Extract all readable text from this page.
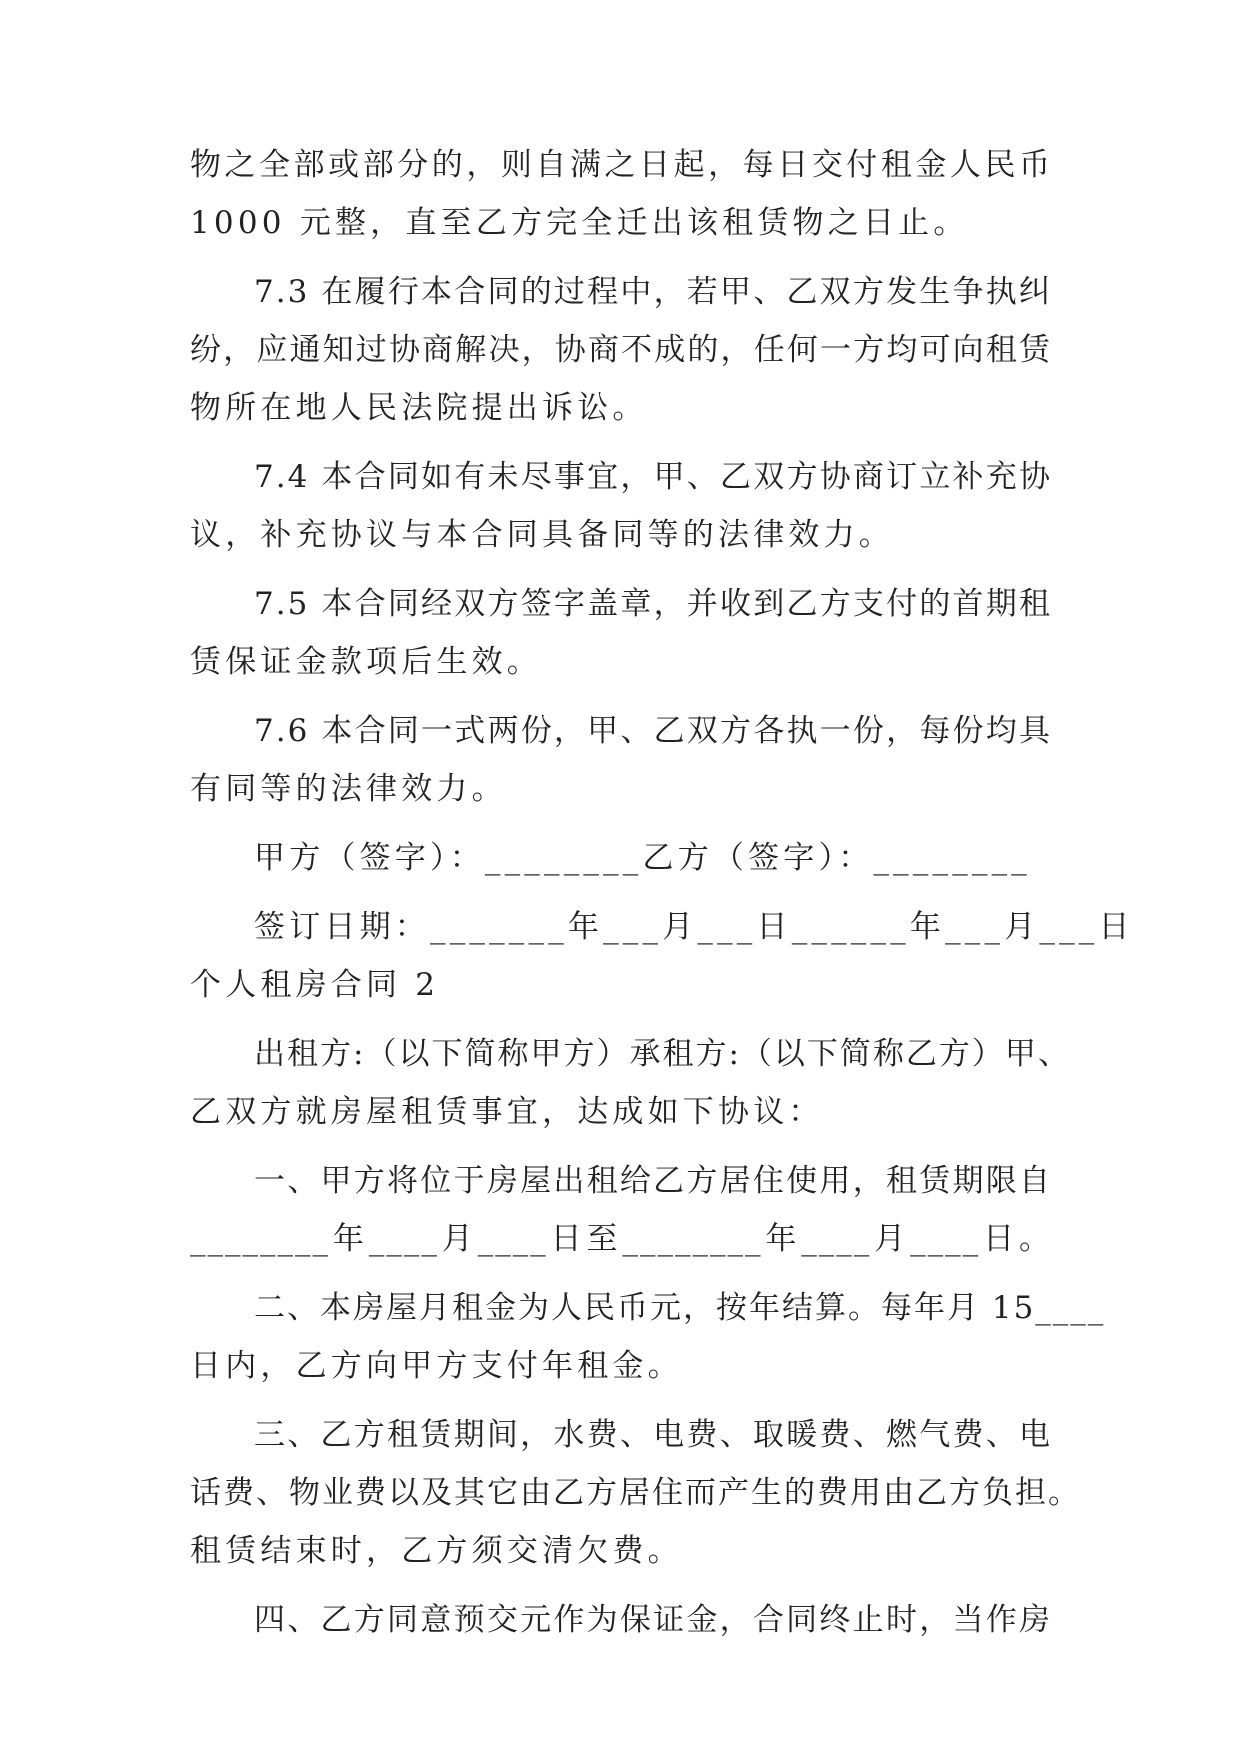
物之全部或部分的，则自满之日起，每日交付租金人民币
1000 元整，直至乙方完全迁出该租赁物之日止。
7.3 在履行本合同的过程中，若甲、乙双方发生争执纠
纷，应通知过协商解决，协商不成的，任何一方均可向租赁
物所在地人民法院提出诉讼。
7.4 本合同如有未尽事宜，甲、乙双方协商订立补充协
议，补充协议与本合同具备同等的法律效力。
7.5 本合同经双方签字盖章，并收到乙方支付的首期租
赁保证金款项后生效。
7.6 本合同一式两份，甲、乙双方各执一份，每份均具
有同等的法律效力。
甲方（签字）：________乙方（签字）：________
签订日期：_______年___月___日______年___月___日
个人租房合同 2
出租方:（以下简称甲方）承租方:（以下简称乙方）甲、
乙双方就房屋租赁事宜，达成如下协议：
一、甲方将位于房屋出租给乙方居住使用，租赁期限自
________年____月____日至________年____月____日。
二、本房屋月租金为人民币元，按年结算。每年月 15____
日内，乙方向甲方支付年租金。
三、乙方租赁期间，水费、电费、取暖费、燃气费、电
话费、物业费以及其它由乙方居住而产生的费用由乙方负担。
租赁结束时，乙方须交清欠费。
四、乙方同意预交元作为保证金，合同终止时，当作房
